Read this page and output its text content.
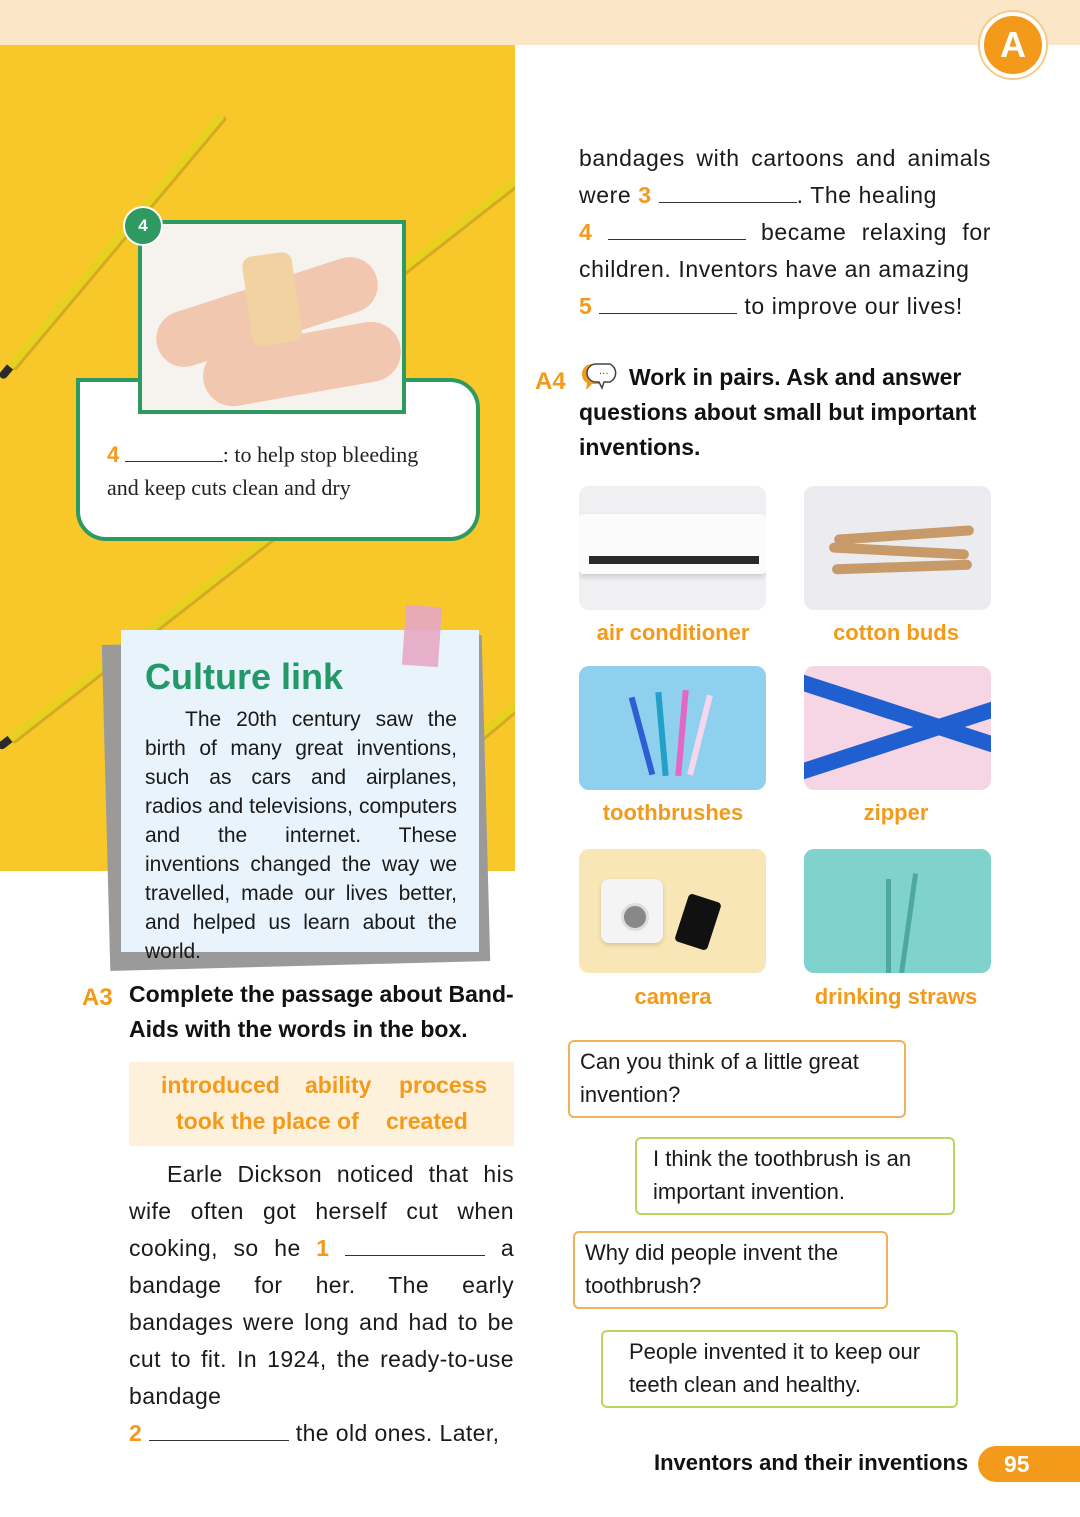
A
4
4	: to help stop bleeding
and keep cuts clean and dry
Culture link
The 20th century saw the birth of many great inventions, such as cars and airplanes, radios and televisions, computers and the internet. These inventions changed the way we travelled, made our lives better, and helped us learn about the world.
A3 Complete the passage about Band-
Aids with the words in the box.
introduced ability process
took the place of created
Earle Dickson noticed that his wife often got herself cut when cooking, so he 1	a bandage for her. The early bandages were long and had to be cut to fit. In 1924, the ready-to-use bandage
2	the old ones. Later,
bandages with cartoons and animals were 3	. The healing
4	became relaxing for children. Inventors have an amazing
5	to improve our lives!
A4	··· Work in pairs. Ask and answer
questions about small but important
inventions.
air conditioner	cotton buds
toothbrushes	zipper
camera	drinking straws
Can you think of a little great
invention?
I think the toothbrush is an
important invention.
Why did people invent the
toothbrush?
People invented it to keep our
teeth clean and healthy.
Inventors and their inventions	95
